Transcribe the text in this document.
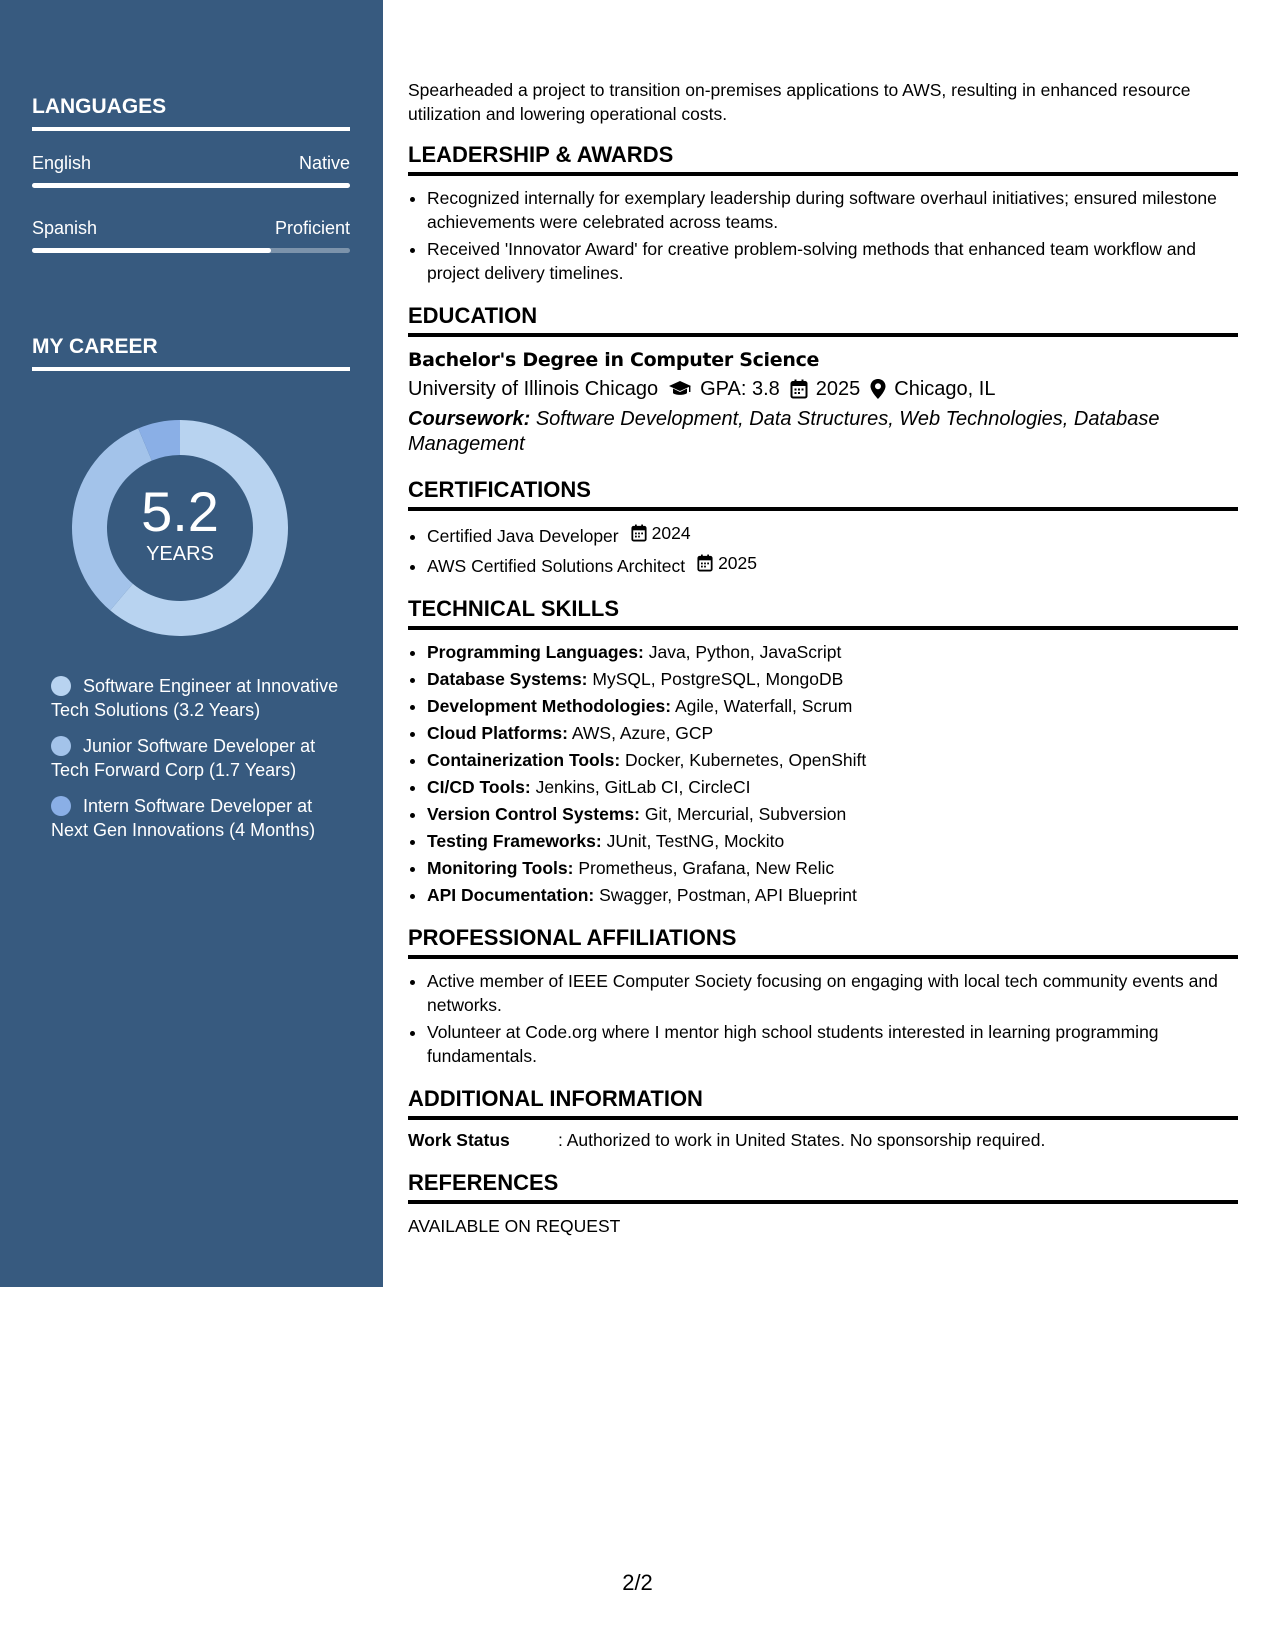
LANGUAGES
English	Native
Spanish	Proficient
MY CAREER
5.2
YEARS
Software Engineer at Innovative Tech Solutions (3.2 Years)
Junior Software Developer at Tech Forward Corp (1.7 Years)
Intern Software Developer at Next Gen Innovations (4 Months)

Spearheaded a project to transition on-premises applications to AWS, resulting in enhanced resource utilization and lowering operational costs.

LEADERSHIP & AWARDS
• Recognized internally for exemplary leadership during software overhaul initiatives; ensured milestone achievements were celebrated across teams.
• Received 'Innovator Award' for creative problem-solving methods that enhanced team workflow and project delivery timelines.
EDUCATION
Bachelor's Degree in Computer Science
University of Illinois Chicago GPA: 3.8 2025 Chicago, IL
Coursework: Software Development, Data Structures, Web Technologies, Database Management
CERTIFICATIONS
• Certified Java Developer 2024
• AWS Certified Solutions Architect 2025
TECHNICAL SKILLS
• Programming Languages: Java, Python, JavaScript
• Database Systems: MySQL, PostgreSQL, MongoDB
• Development Methodologies: Agile, Waterfall, Scrum
• Cloud Platforms: AWS, Azure, GCP
• Containerization Tools: Docker, Kubernetes, OpenShift
• CI/CD Tools: Jenkins, GitLab CI, CircleCI
• Version Control Systems: Git, Mercurial, Subversion
• Testing Frameworks: JUnit, TestNG, Mockito
• Monitoring Tools: Prometheus, Grafana, New Relic
• API Documentation: Swagger, Postman, API Blueprint
PROFESSIONAL AFFILIATIONS
• Active member of IEEE Computer Society focusing on engaging with local tech community events and networks.
• Volunteer at Code.org where I mentor high school students interested in learning programming fundamentals.
ADDITIONAL INFORMATION
Work Status	: Authorized to work in United States. No sponsorship required.
REFERENCES
AVAILABLE ON REQUEST
2/2
